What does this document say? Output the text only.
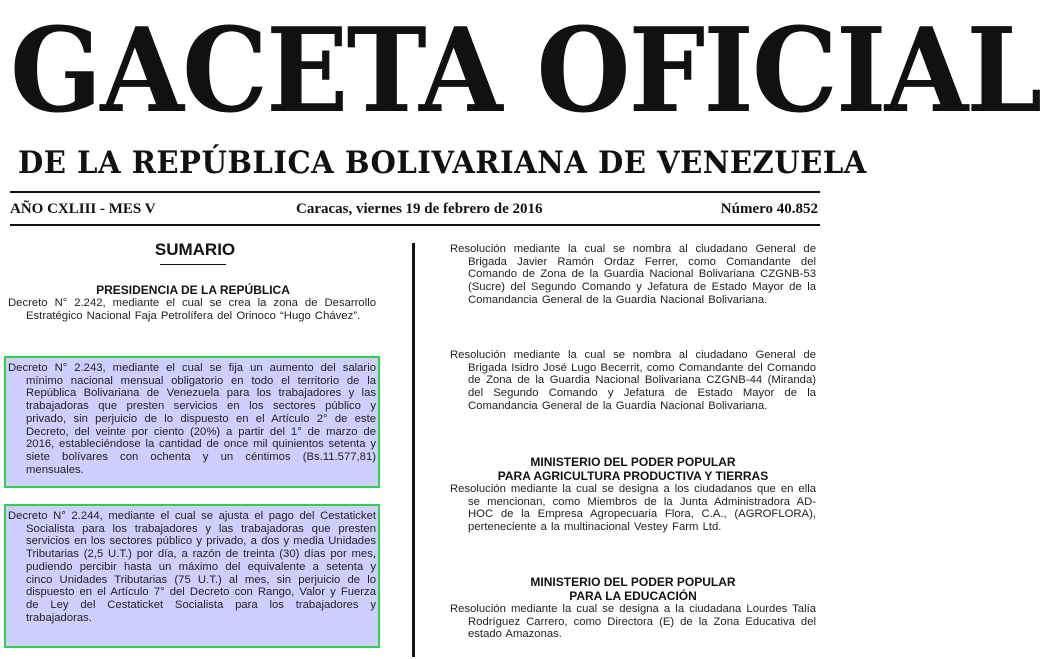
GACETA OFICIAL
DE LA REPÚBLICA BOLIVARIANA DE VENEZUELA
AÑO CXLIII - MES V	Caracas, viernes 19 de febrero de 2016	Número 40.852
SUMARIO
PRESIDENCIA DE LA REPÚBLICA
Decreto N° 2.242, mediante el cual se crea la zona de Desarrollo Estratégico Nacional Faja Petrolífera del Orinoco “Hugo Chávez”.
Decreto N° 2.243, mediante el cual se fija un aumento del salario mínimo nacional mensual obligatorio en todo el territorio de la República Bolivariana de Venezuela para los trabajadores y las trabajadoras que presten servicios en los sectores público y privado, sin perjuicio de lo dispuesto en el Artículo 2° de este Decreto, del veinte por ciento (20%) a partir del 1° de marzo de 2016, estableciéndose la cantidad de once mil quinientos setenta y siete bolívares con ochenta y un céntimos (Bs.11.577,81) mensuales.
Decreto N° 2.244, mediante el cual se ajusta el pago del Cestaticket Socialista para los trabajadores y las trabajadoras que presten servicios en los sectores público y privado, a dos y media Unidades Tributarias (2,5 U.T.) por día, a razón de treinta (30) días por mes, pudiendo percibir hasta un máximo del equivalente a setenta y cinco Unidades Tributarias (75 U.T.) al mes, sin perjuicio de lo dispuesto en el Artículo 7° del Decreto con Rango, Valor y Fuerza de Ley del Cestaticket Socialista para los trabajadores y trabajadoras.
Resolución mediante la cual se nombra al ciudadano General de Brigada Javier Ramón Ordaz Ferrer, como Comandante del Comando de Zona de la Guardia Nacional Bolivariana CZGNB-53 (Sucre) del Segundo Comando y Jefatura de Estado Mayor de la Comandancia General de la Guardia Nacional Bolivariana.
Resolución mediante la cual se nombra al ciudadano General de Brigada Isidro José Lugo Becerrit, como Comandante del Comando de Zona de la Guardia Nacional Bolivariana CZGNB-44 (Miranda) del Segundo Comando y Jefatura de Estado Mayor de la Comandancia General de la Guardia Nacional Bolivariana.
MINISTERIO DEL PODER POPULAR
PARA AGRICULTURA PRODUCTIVA Y TIERRAS
Resolución mediante la cual se designa a los ciudadanos que en ella se mencionan, como Miembros de la Junta Administradora AD-HOC de la Empresa Agropecuaria Flora, C.A., (AGROFLORA), perteneciente a la multinacional Vestey Farm Ltd.
MINISTERIO DEL PODER POPULAR
PARA LA EDUCACIÓN
Resolución mediante la cual se designa a la ciudadana Lourdes Talía Rodríguez Carrero, como Directora (E) de la Zona Educativa del estado Amazonas.
